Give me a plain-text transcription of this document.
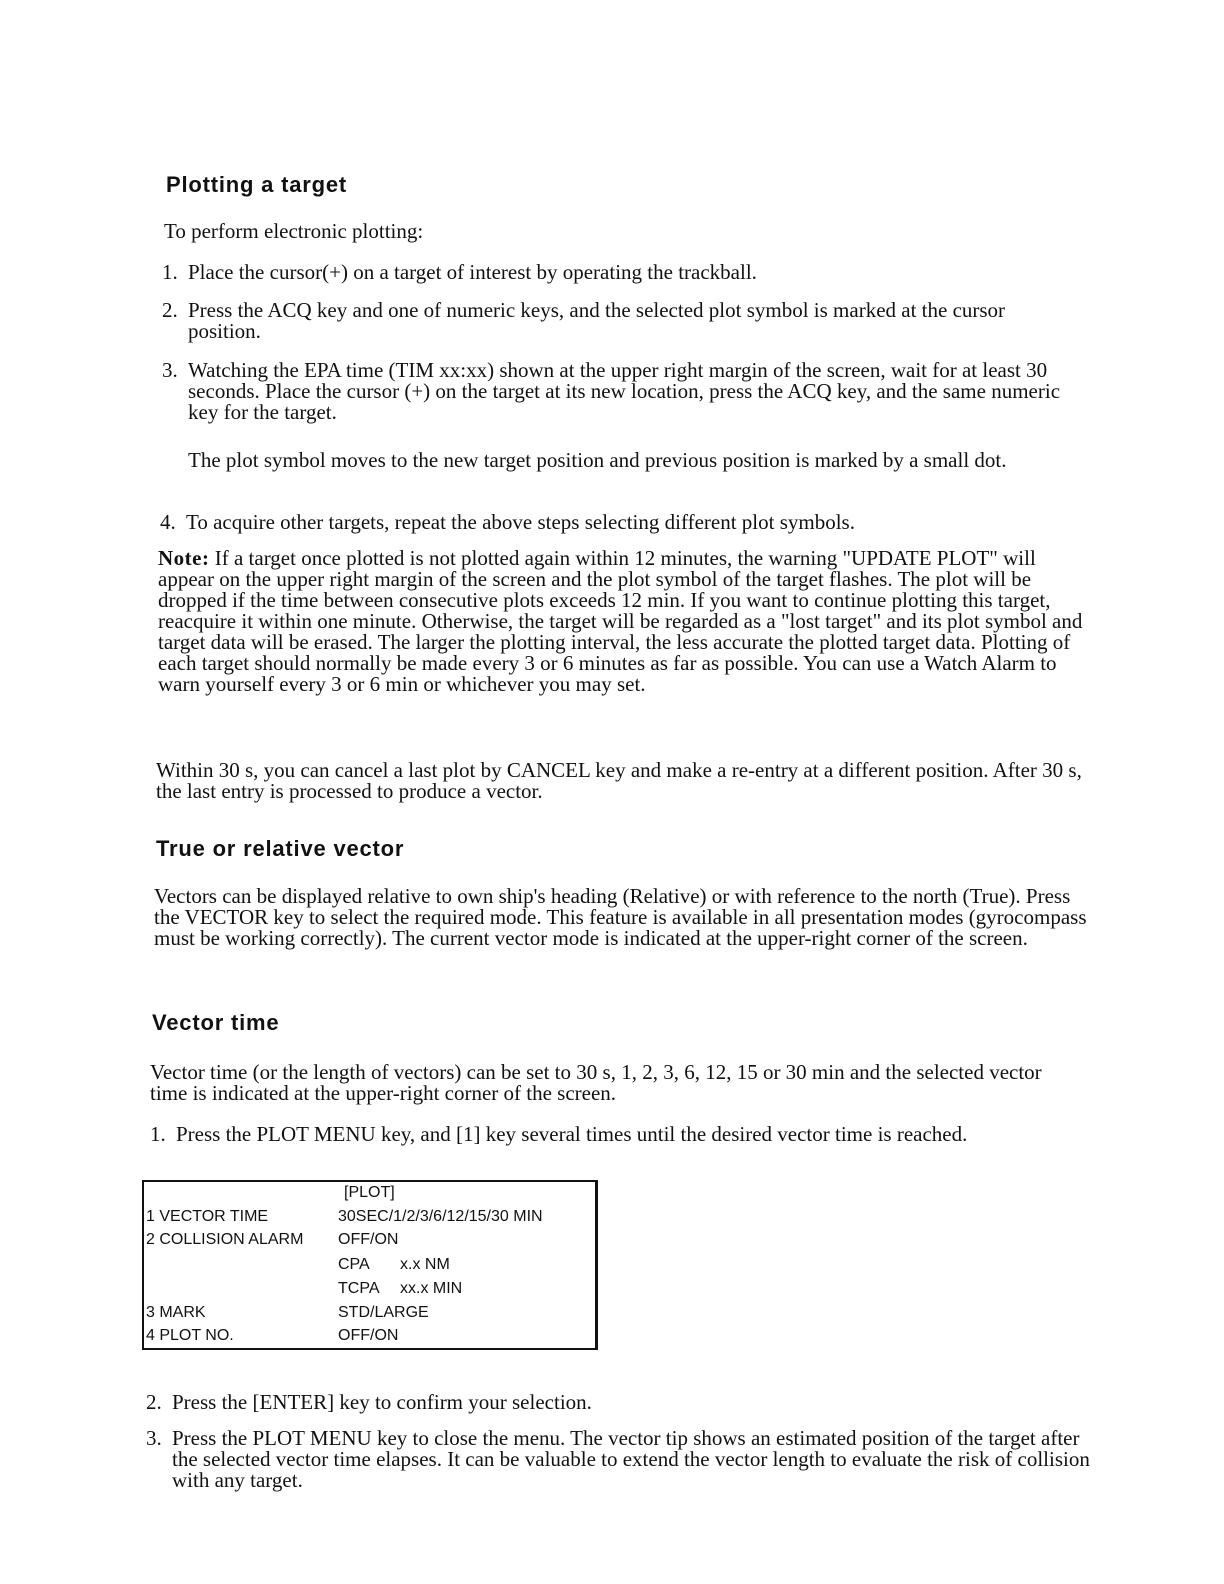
Plotting a target
To perform electronic plotting:
1. Place the cursor(+) on a target of interest by operating the trackball.
2. Press the ACQ key and one of numeric keys, and the selected plot symbol is marked at the cursor position.
3. Watching the EPA time (TIM xx:xx) shown at the upper right margin of the screen, wait for at least 30 seconds. Place the cursor (+) on the target at its new location, press the ACQ key, and the same numeric key for the target.
The plot symbol moves to the new target position and previous position is marked by a small dot.
4. To acquire other targets, repeat the above steps selecting different plot symbols.
Note: If a target once plotted is not plotted again within 12 minutes, the warning "UPDATE PLOT" will appear on the upper right margin of the screen and the plot symbol of the target flashes. The plot will be dropped if the time between consecutive plots exceeds 12 min. If you want to continue plotting this target, reacquire it within one minute. Otherwise, the target will be regarded as a "lost target" and its plot symbol and target data will be erased. The larger the plotting interval, the less accurate the plotted target data. Plotting of each target should normally be made every 3 or 6 minutes as far as possible. You can use a Watch Alarm to warn yourself every 3 or 6 min or whichever you may set.
Within 30 s, you can cancel a last plot by CANCEL key and make a re-entry at a different position. After 30 s, the last entry is processed to produce a vector.
True or relative vector
Vectors can be displayed relative to own ship's heading (Relative) or with reference to the north (True). Press the VECTOR key to select the required mode. This feature is available in all presentation modes (gyrocompass must be working correctly). The current vector mode is indicated at the upper-right corner of the screen.
Vector time
Vector time (or the length of vectors) can be set to 30 s, 1, 2, 3, 6, 12, 15 or 30 min and the selected vector time is indicated at the upper-right corner of the screen.
1. Press the PLOT MENU key, and [1] key several times until the desired vector time is reached.
[PLOT]
1 VECTOR TIME	30SEC/1/2/3/6/12/15/30 MIN
2 COLLISION ALARM OFF/ON
CPA x.x NM
TCPA xx.x MIN
3 MARK	STD/LARGE
4 PLOT NO.	OFF/ON
2. Press the [ENTER] key to confirm your selection.
3. Press the PLOT MENU key to close the menu. The vector tip shows an estimated position of the target after the selected vector time elapses. It can be valuable to extend the vector length to evaluate the risk of collision with any target.
